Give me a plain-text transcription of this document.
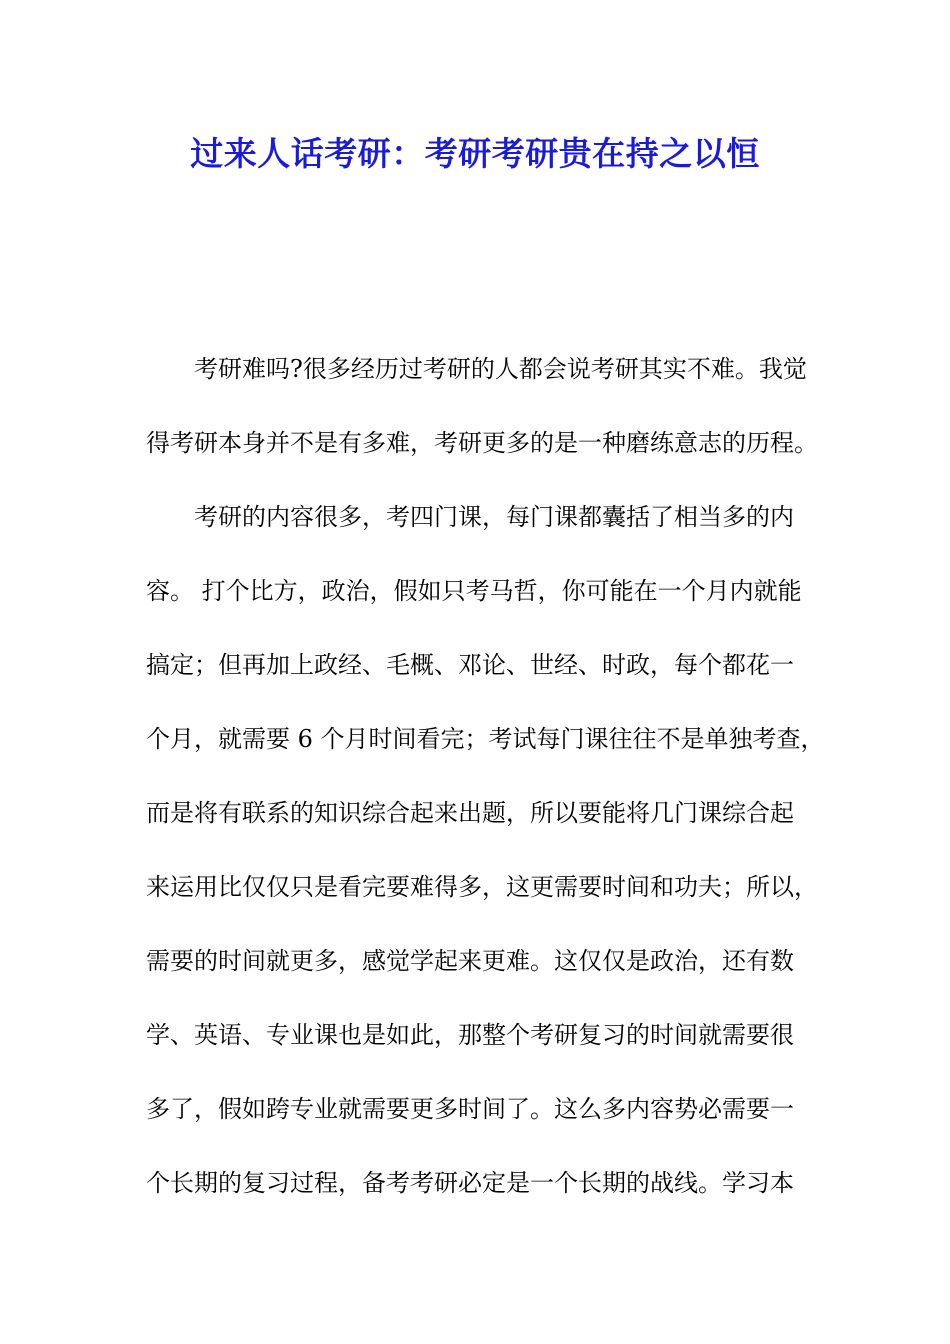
过来人话考研：考研考研贵在持之以恒
考研难吗?很多经历过考研的人都会说考研其实不难。我觉
得考研本身并不是有多难，考研更多的是一种磨练意志的历程。
考研的内容很多，考四门课，每门课都囊括了相当多的内
容。 打个比方，政治，假如只考马哲，你可能在一个月内就能
搞定；但再加上政经、毛概、邓论、世经、时政，每个都花一
个月，就需要 6 个月时间看完；考试每门课往往不是单独考查，
而是将有联系的知识综合起来出题，所以要能将几门课综合起
来运用比仅仅只是看完要难得多，这更需要时间和功夫；所以，
需要的时间就更多，感觉学起来更难。这仅仅是政治，还有数
学、英语、专业课也是如此，那整个考研复习的时间就需要很
多了，假如跨专业就需要更多时间了。这么多内容势必需要一
个长期的复习过程，备考考研必定是一个长期的战线。学习本
